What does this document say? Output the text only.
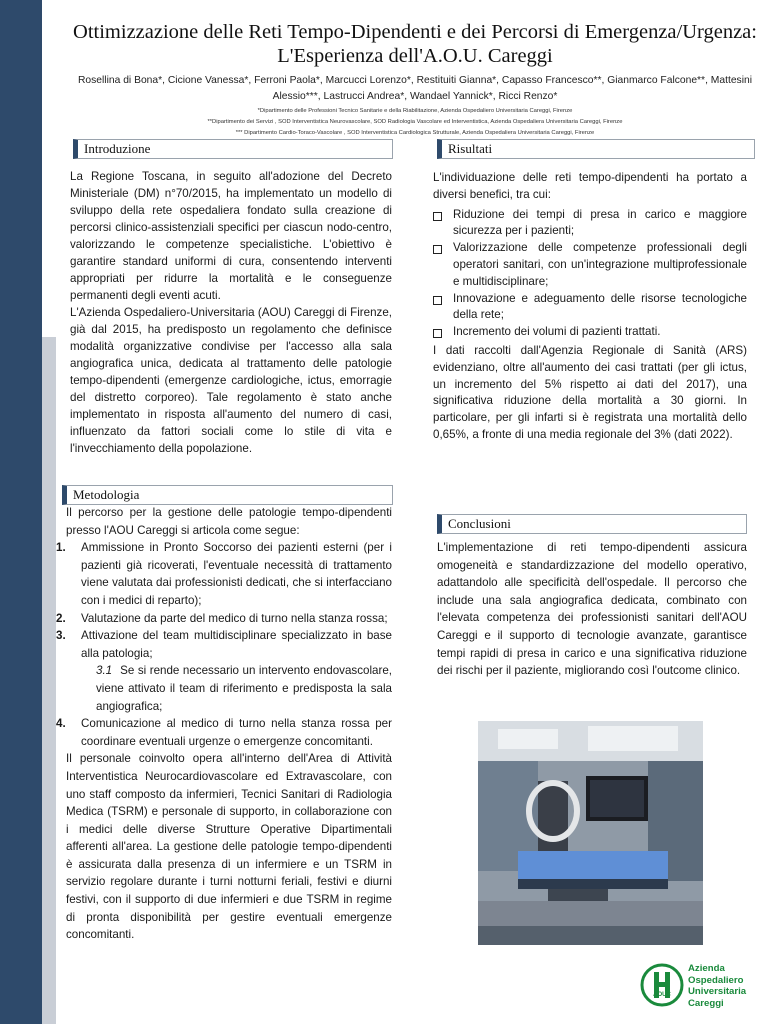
Ottimizzazione delle Reti Tempo-Dipendenti e dei Percorsi di Emergenza/Urgenza: L'Esperienza dell'A.O.U. Careggi
Rosellina di Bona*, Cicione Vanessa*, Ferroni Paola*, Marcucci Lorenzo*, Restituiti Gianna*, Capasso Francesco**, Gianmarco Falcone**, Mattesini Alessio***, Lastrucci Andrea*, Wandael Yannick*, Ricci Renzo*
*Dipartimento delle Professioni Tecnico Sanitarie e della Riabilitazione, Azienda Ospedaliero Universitaria Careggi, Firenze
**Dipartimento dei Servizi , SOD Interventistica Neurovascolare, SOD Radiologia Vascolare ed Interventistica, Azienda Ospedaliera Universitaria Careggi, Firenze
*** Dipartimento Cardio-Toraco-Vascolare , SOD Interventistica Cardiologica Strutturale, Azienda Ospedaliera Universitaria Careggi, Firenze
Introduzione

La Regione Toscana, in seguito all'adozione del Decreto Ministeriale (DM) n°70/2015, ha implementato un modello di sviluppo della rete ospedaliera fondato sulla creazione di percorsi clinico-assistenziali specifici per ciascun nodo-centro, valorizzando le competenze specialistiche. L'obiettivo è garantire standard uniformi di cura, consentendo interventi appropriati per ridurre la mortalità e le conseguenze permanenti degli eventi acuti.

L'Azienda Ospedaliero-Universitaria (AOU) Careggi di Firenze, già dal 2015, ha predisposto un regolamento che definisce modalità organizzative condivise per l'accesso alla sala angiografica unica, dedicata al trattamento delle patologie tempo-dipendenti (emergenze cardiologiche, ictus, emorragie del distretto corporeo). Tale regolamento è stato anche implementato in risposta all'aumento del numero di casi, influenzato da fattori sociali come lo stile di vita e l'invecchiamento della popolazione.

Metodologia

Il percorso per la gestione delle patologie tempo-dipendenti presso l'AOU Careggi si articola come segue:

1.	Ammissione in Pronto Soccorso dei pazienti esterni (per i pazienti già ricoverati, l'eventuale necessità di trattamento viene valutata dai professionisti dedicati, che si interfacciano con i medici di reparto);
2.	Valutazione da parte del medico di turno nella stanza rossa;
3.	Attivazione del team multidisciplinare specializzato in base alla patologia;
3.1 Se si rende necessario un intervento endovascolare, viene attivato il team di riferimento e predisposta la sala angiografica;
4.	Comunicazione al medico di turno nella stanza rossa per coordinare eventuali urgenze o emergenze concomitanti.

Il personale coinvolto opera all'interno dell'Area di Attività Interventistica Neurocardiovascolare ed Extravascolare, con uno staff composto da infermieri, Tecnici Sanitari di Radiologia Medica (TSRM) e personale di supporto, in collaborazione con i medici delle diverse Strutture Operative Dipartimentali afferenti all'area. La gestione delle patologie tempo-dipendenti è assicurata dalla presenza di un infermiere e un TSRM in servizio regolare durante i turni notturni feriali, festivi e diurni festivi, con il supporto di due infermieri e due TSRM in regime di pronta disponibilità per gestire eventuali emergenze concomitanti.

Risultati

L'individuazione delle reti tempo-dipendenti ha portato a diversi benefici, tra cui:

Riduzione dei tempi di presa in carico e maggiore sicurezza per i pazienti;
Valorizzazione delle competenze professionali degli operatori sanitari, con un'integrazione multiprofessionale e multidisciplinare;
Innovazione e adeguamento delle risorse tecnologiche della rete;
Incremento dei volumi di pazienti trattati.

I dati raccolti dall'Agenzia Regionale di Sanità (ARS) evidenziano, oltre all'aumento dei casi trattati (per gli ictus, un incremento del 5% rispetto ai dati del 2017), una significativa riduzione della mortalità a 30 giorni. In particolare, per gli infarti si è registrata una mortalità dello 0,65%, a fronte di una media regionale del 3% (dati 2022).

Conclusioni
L'implementazione di reti tempo-dipendenti assicura omogeneità e standardizzazione del modello operativo, adattandolo alle specificità dell'ospedale. Il percorso che include una sala angiografica dedicata, combinato con l'elevata competenza dei professionisti sanitari dell'AOU Careggi e il supporto di tecnologie avanzate, garantisce tempi rapidi di presa in carico e una significativa riduzione dei rischi per il paziente, migliorando così l'outcome clinico.
AOUC
Azienda
Ospedaliero
Universitaria
Careggi
